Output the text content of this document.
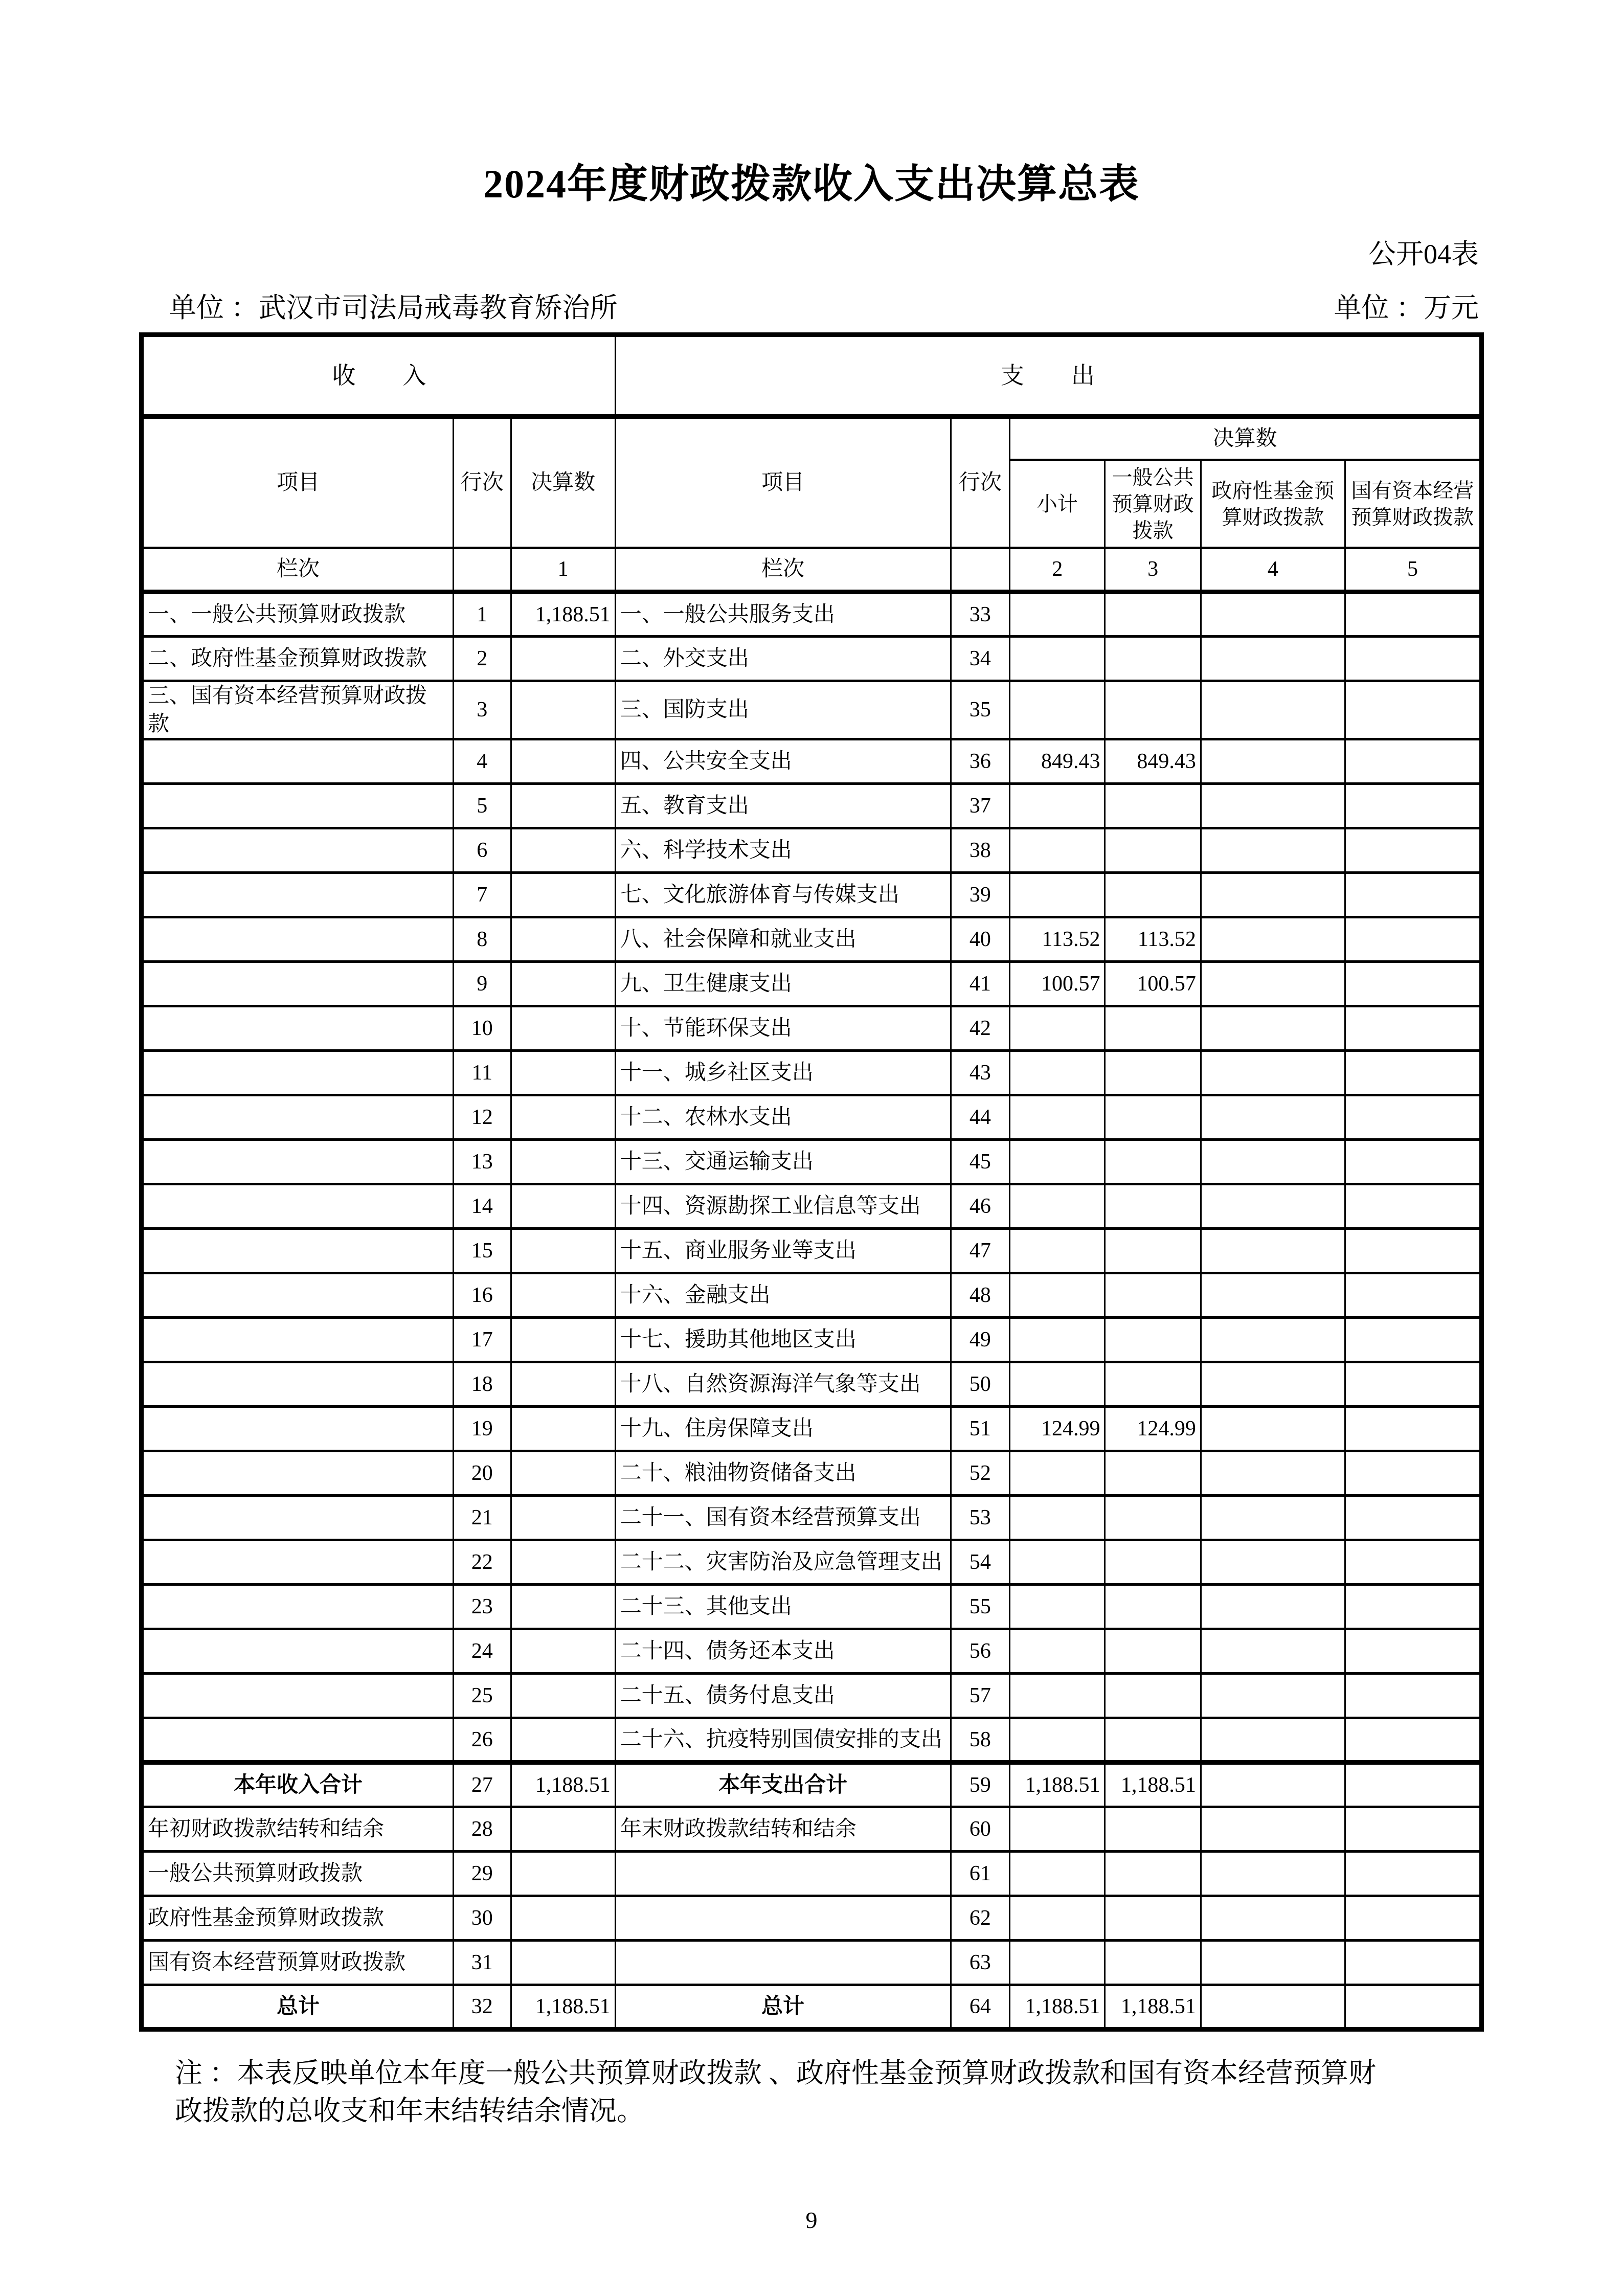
2024年度财政拨款收入支出决算总表
公开04表
单位 ：武汉市司法局戒毒教育矫治所	单位 ：万元
收　　入			支　　出					
项目	行次	决算数	项目	行次	决算数			
					小计	一般公共预算财政拨款	政府性基金预算财政拨款	国有资本经营预算财政拨款
栏次		1	栏次		2	3	4	5
一、一般公共预算财政拨款	1	1,188.51	一、一般公共服务支出	33				
二、政府性基金预算财政拨款	2		二、外交支出	34				
三、国有资本经营预算财政拨款	3		三、国防支出	35				
	4		四、公共安全支出	36	849.43	849.43		
	5		五、教育支出	37				
	6		六、科学技术支出	38				
	7		七、文化旅游体育与传媒支出	39				
	8		八、社会保障和就业支出	40	113.52	113.52		
	9		九、卫生健康支出	41	100.57	100.57		
	10		十、节能环保支出	42				
	11		十一、城乡社区支出	43				
	12		十二、农林水支出	44				
	13		十三、交通运输支出	45				
	14		十四、资源勘探工业信息等支出	46				
	15		十五、商业服务业等支出	47				
	16		十六、金融支出	48				
	17		十七、援助其他地区支出	49				
	18		十八、自然资源海洋气象等支出	50				
	19		十九、住房保障支出	51	124.99	124.99		
	20		二十、粮油物资储备支出	52				
	21		二十一、国有资本经营预算支出	53				
	22		二十二、灾害防治及应急管理支出	54				
	23		二十三、其他支出	55				
	24		二十四、债务还本支出	56				
	25		二十五、债务付息支出	57				
	26		二十六、抗疫特别国债安排的支出	58				
本年收入合计	27	1,188.51	本年支出合计	59	1,188.51	1,188.51		
年初财政拨款结转和结余	28		年末财政拨款结转和结余	60				
一般公共预算财政拨款	29			61				
政府性基金预算财政拨款	30			62				
国有资本经营预算财政拨款	31			63				
总计	32	1,188.51	总计	64	1,188.51	1,188.51		
注 ：本表反映单位本年度一般公共预算财政拨款 、政府性基金预算财政拨款和国有资本经营预算财
政拨款的总收支和年末结转结余情况。
9
